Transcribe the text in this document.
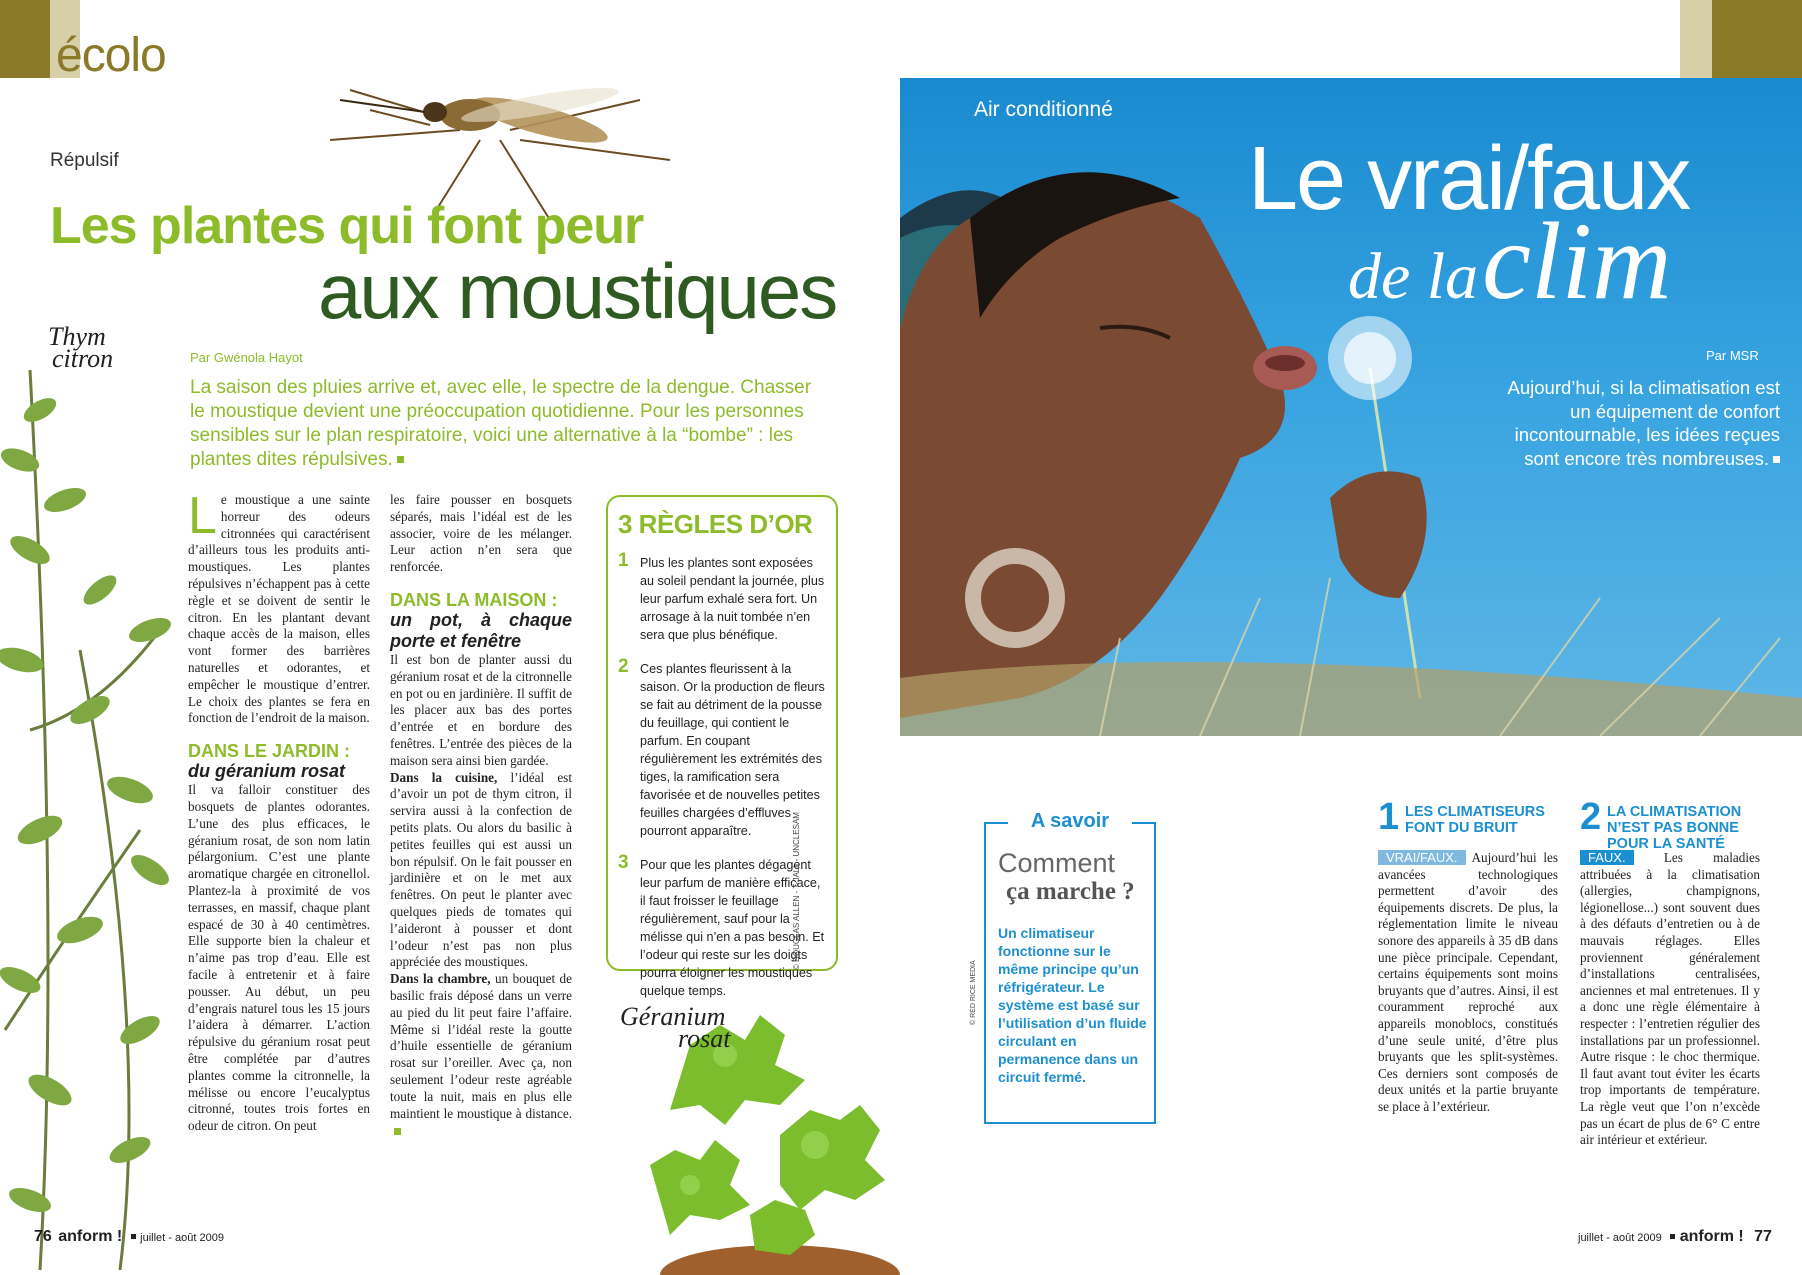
écolo
Thym
citron
Répulsif
Les plantes qui font peur
aux moustiques
Par Gwénola Hayot
La saison des pluies arrive et, avec elle, le spectre de la dengue. Chasser le moustique devient une préoccupation quotidienne. Pour les personnes sensibles sur le plan respiratoire, voici une alternative à la “bombe” : les plantes dites répulsives.

Le moustique a une sainte horreur des odeurs citronnées qui caractérisent d’ailleurs tous les produits anti-moustiques. Les plantes répulsives n’échappent pas à cette règle et se doivent de sentir le citron. En les plantant devant chaque accès de la maison, elles vont former des barrières naturelles et odorantes, et empêcher le moustique d’entrer. Le choix des plantes se fera en fonction de l’endroit de la maison.

DANS LE JARDIN :
du géranium rosat

Il va falloir constituer des bosquets de plantes odorantes. L’une des plus efficaces, le géranium rosat, de son nom latin pélargonium. C’est une plante aromatique chargée en citronellol. Plantez-la à proximité de vos terrasses, en massif, chaque plant espacé de 30 à 40 centimètres. Elle supporte bien la chaleur et n’aime pas trop d’eau. Elle est facile à entretenir et à faire pousser. Au début, un peu d’engrais naturel tous les 15 jours l’aidera à démarrer. L’action répulsive du géranium rosat peut être complétée par d’autres plantes comme la citronnelle, la mélisse ou encore l’eucalyptus citronné, toutes trois fortes en odeur de citron. On peut

les faire pousser en bosquets séparés, mais l’idéal est de les associer, voire de les mélanger. Leur action n’en sera que renforcée.

DANS LA MAISON :
un pot, à chaque porte et fenêtre

Il est bon de planter aussi du géranium rosat et de la citronnelle en pot ou en jardinière. Il suffit de les placer aux bas des portes d’entrée et en bordure des fenêtres. L’entrée des pièces de la maison sera ainsi bien gardée.

Dans la cuisine, l’idéal est d’avoir un pot de thym citron, il servira aussi à la confection de petits plats. Ou alors du basilic à petites feuilles qui est aussi un bon répulsif. On le fait pousser en jardinière et on le met aux fenêtres. On peut le planter avec quelques pieds de tomates qui l’aideront à pousser et dont l’odeur n’est pas non plus appréciée des moustiques.

Dans la chambre, un bouquet de basilic frais déposé dans un verre au pied du lit peut faire l’affaire. Même si l’idéal reste la goutte d’huile essentielle de géranium rosat sur l’oreiller. Avec ça, non seulement l’odeur reste agréable toute la nuit, mais en plus elle maintient le moustique à distance.

3 RÈGLES D’OR
1 Plus les plantes sont exposées au soleil pendant la journée, plus leur parfum exhalé sera fort. Un arrosage à la nuit tombée n’en sera que plus bénéfique.
2 Ces plantes fleurissent à la saison. Or la production de fleurs se fait au détriment de la pousse du feuillage, qui contient le parfum. En coupant régulièrement les extrémités des tiges, la ramification sera favorisée et de nouvelles petites feuilles chargées d’effluves pourront apparaître.
3 Pour que les plantes dégagent leur parfum de manière efficace, il faut froisser le feuillage régulièrement, sauf pour la mélisse qui n’en a pas besoin. Et l’odeur qui reste sur les doigts pourra éloigner les moustiques quelque temps.
© DOUGLAS ALLEN - T-JALL - UNCLESAM
Géranium
rosat
76 anform ! juillet - août 2009
Air conditionné
Le vrai/faux
de la clim
Par MSR
Aujourd’hui, si la climatisation est un équipement de confort incontournable, les idées reçues sont encore très nombreuses.
© RED RICE MEDIA
A savoir
Comment
ça marche ?
Un climatiseur fonctionne sur le même principe qu’un réfrigérateur. Le système est basé sur l’utilisation d’un fluide circulant en permanence dans un circuit fermé.
1 LES CLIMATISEURS FONT DU BRUIT
VRAI/FAUX. Aujourd’hui les avancées technologiques permettent d’avoir des équipements discrets. De plus, la réglementation limite le niveau sonore des appareils à 35 dB dans une pièce principale. Cependant, certains équipements sont moins bruyants que d’autres. Ainsi, il est couramment reproché aux appareils monoblocs, constitués d’une seule unité, d’être plus bruyants que les split-systèmes. Ces derniers sont composés de deux unités et la partie bruyante se place à l’extérieur.
2 LA CLIMATISATION N’EST PAS BONNE POUR LA SANTÉ
FAUX. Les maladies attribuées à la climatisation (allergies, champignons, légionellose...) sont souvent dues à des défauts d’entretien ou à de mauvais réglages. Elles proviennent généralement d’installations centralisées, anciennes et mal entretenues. Il y a donc une règle élémentaire à respecter : l’entretien régulier des installations par un professionnel. Autre risque : le choc thermique. Il faut avant tout éviter les écarts trop importants de température. La règle veut que l’on n’excède pas un écart de plus de 6° C entre air intérieur et extérieur.
juillet - août 2009 anform ! 77
